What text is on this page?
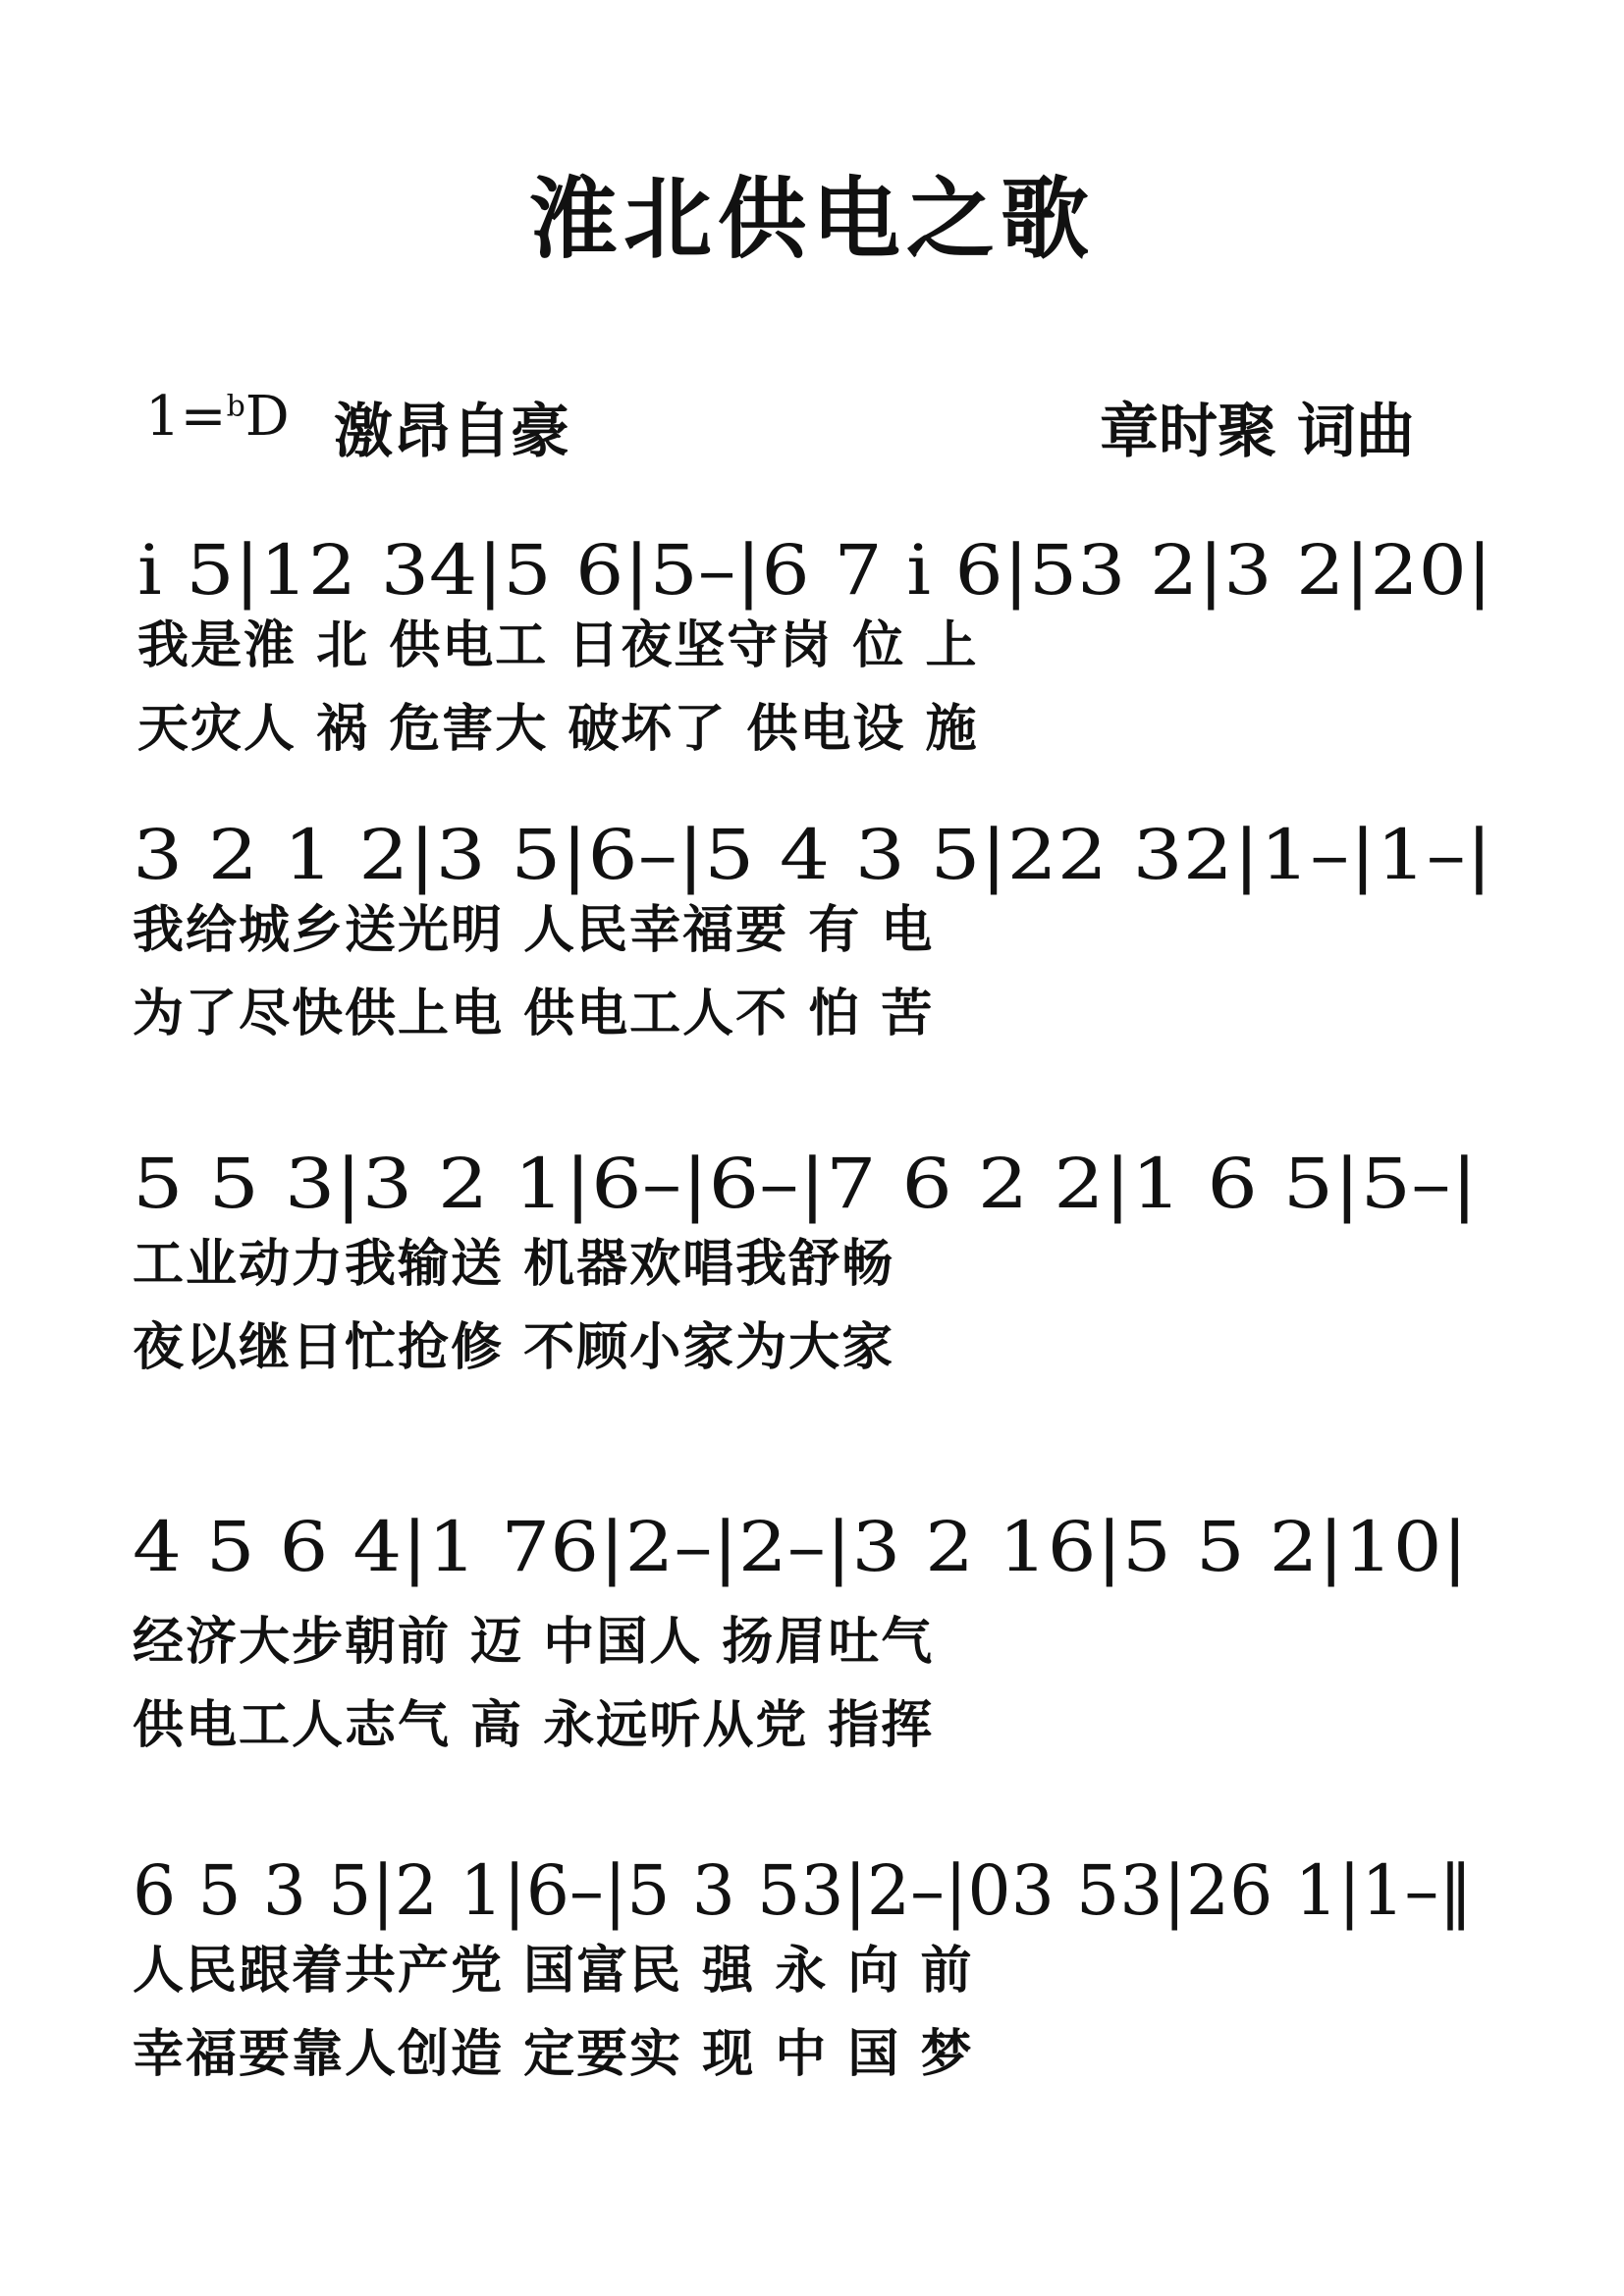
淮北供电之歌
1=$^b$D 激昂自豪	章时聚 词曲
i 5|12 34|5 6|5–|6 7 i 6|53 2|3 2|20|
我是淮 北 供电工 日夜坚守岗 位 上
天灾人 祸 危害大 破坏了 供电设 施
3 2 1 2|3 5|6–|5 4 3 5|22 32|1–|1–|
我给城乡送光明 人民幸福要 有 电
为了尽快供上电 供电工人不 怕 苦
5 5 3|3 2 1|6–|6–|7 6 2 2|1 6 5|5–|
工业动力我输送 机器欢唱我舒畅
夜以继日忙抢修 不顾小家为大家
4 5 6 4|1 76|2–|2–|3 2 16|5 5 2|10|
经济大步朝前 迈 中国人 扬眉吐气
供电工人志气 高 永远听从党 指挥
6 5 3 5|2 1|6–|5 3 53|2–|03 53|26 1|1–‖
人民跟着共产党 国富民 强 永 向 前
幸福要靠人创造 定要实 现 中 国 梦
